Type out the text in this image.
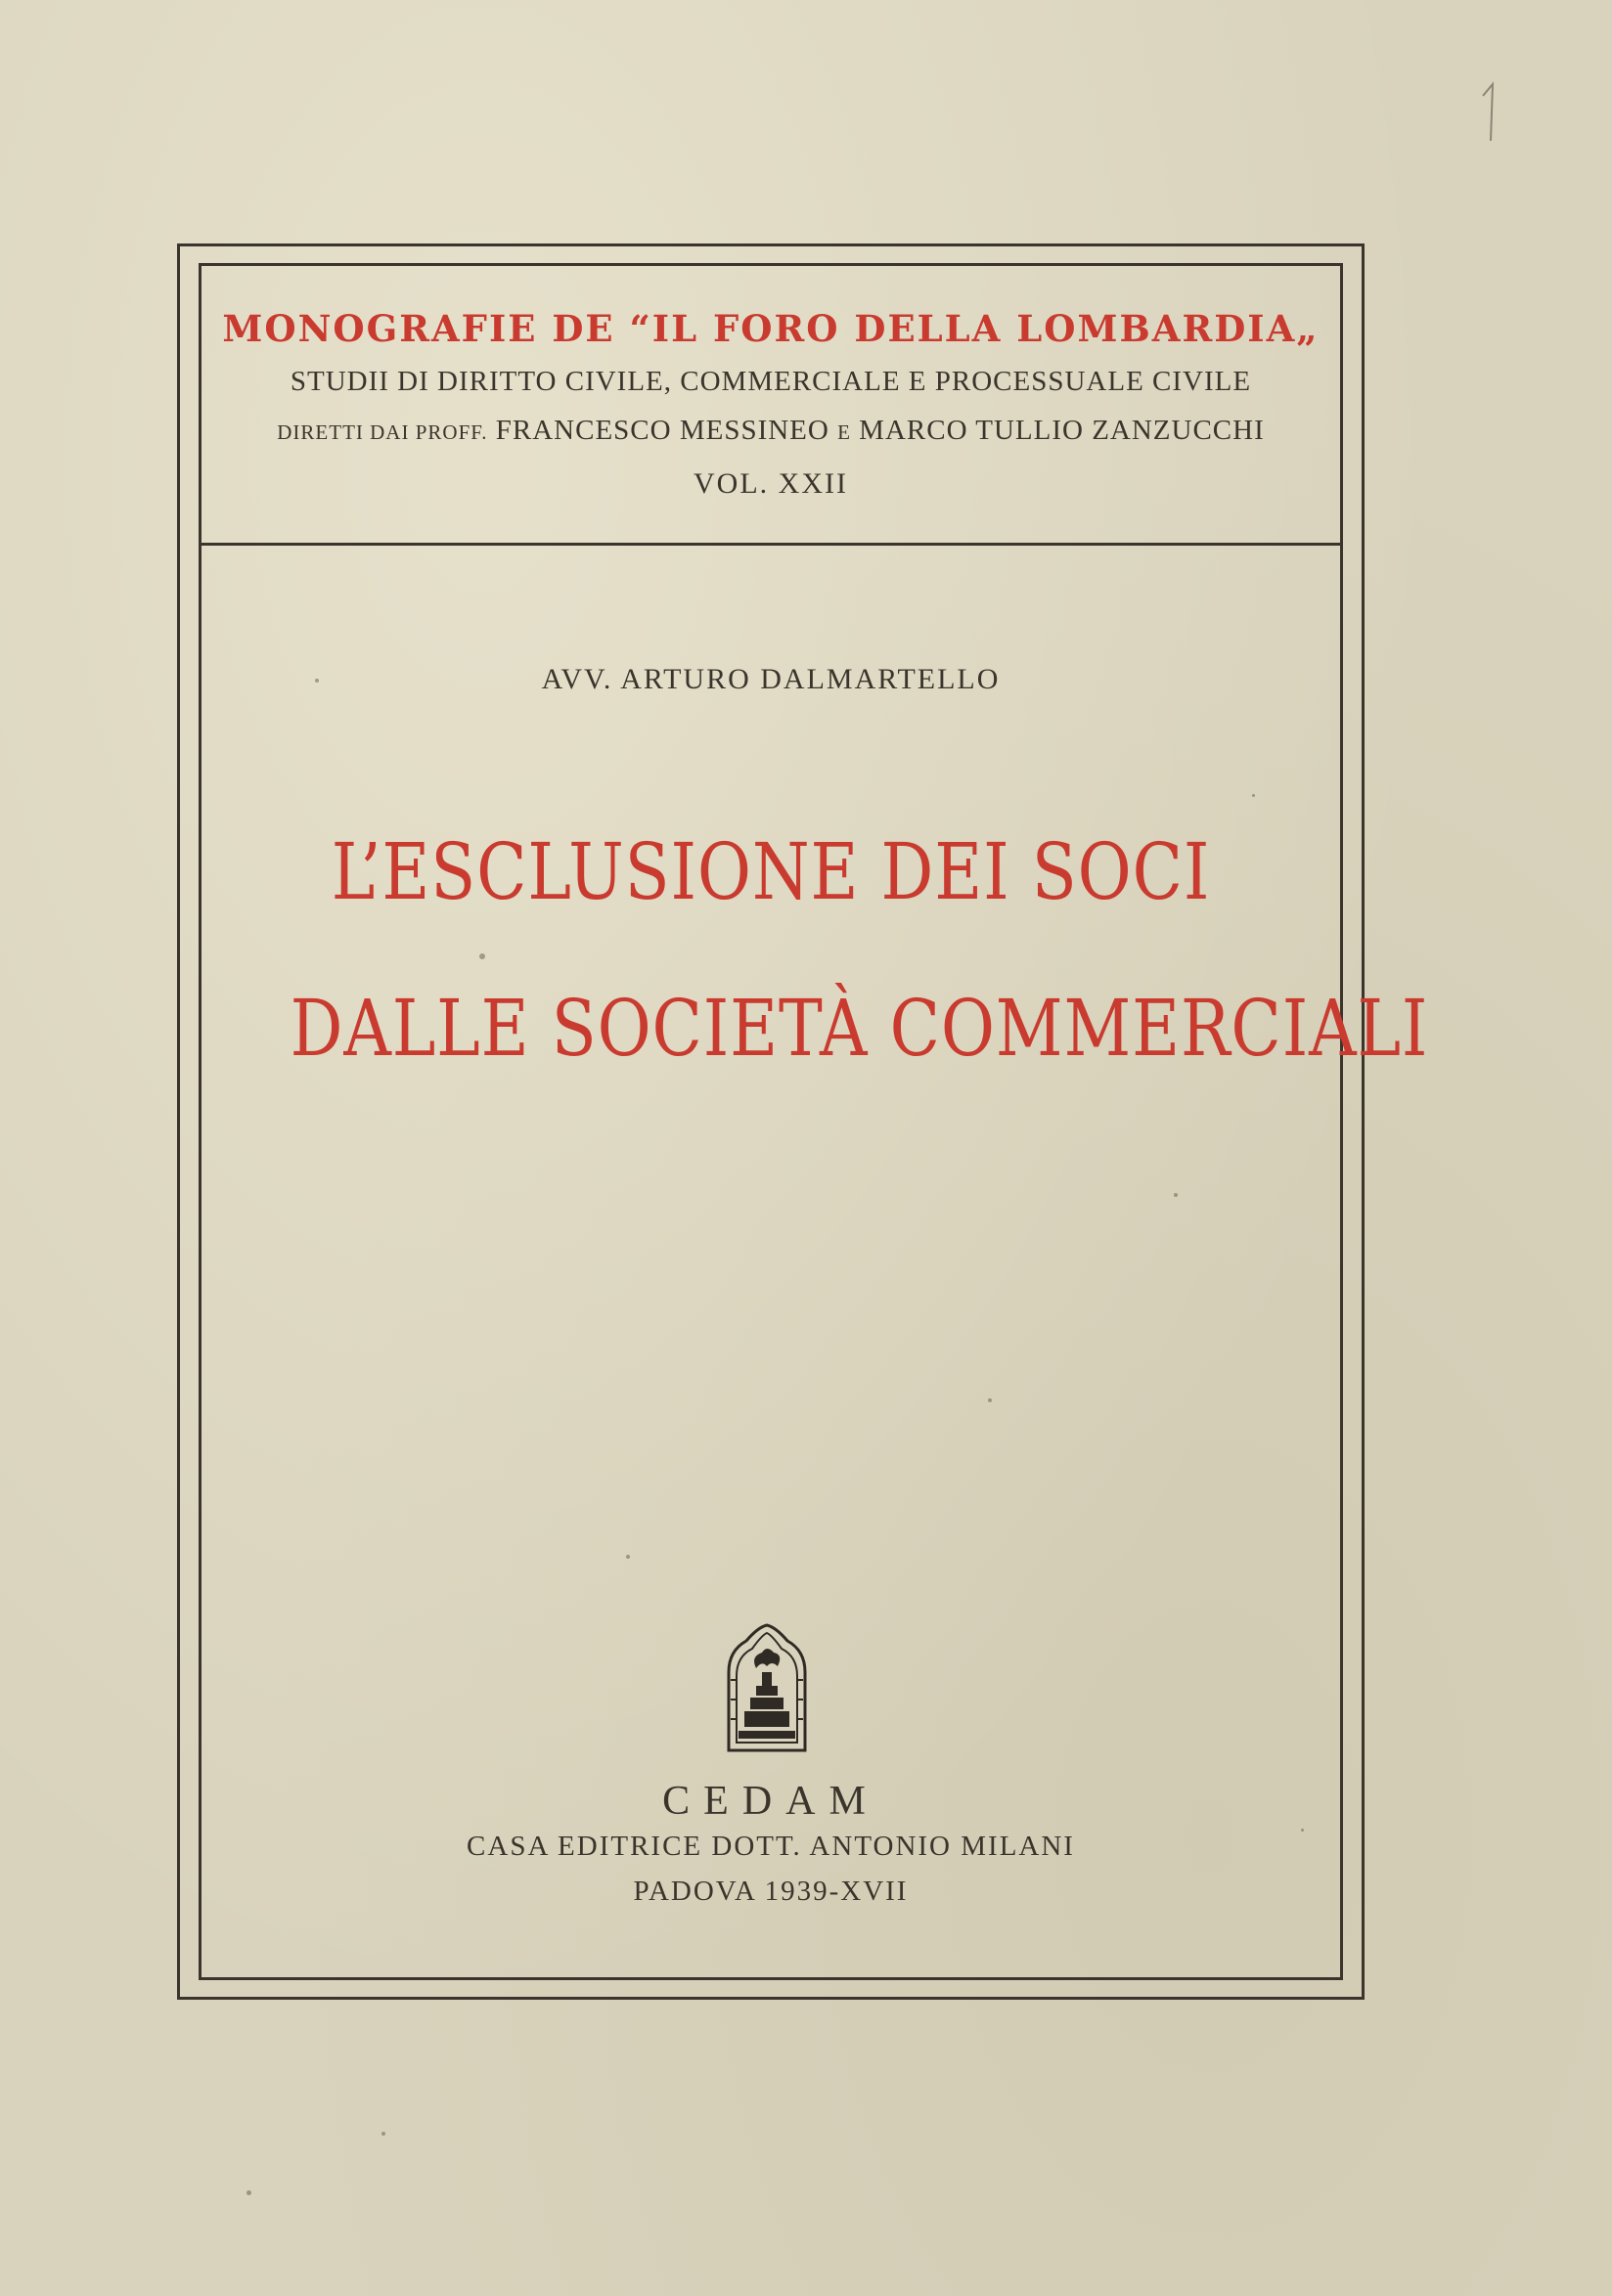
MONOGRAFIE DE “IL FORO DELLA LOMBARDIA„
STUDII DI DIRITTO CIVILE, COMMERCIALE E PROCESSUALE CIVILE
DIRETTI DAI PROFF. FRANCESCO MESSINEO E MARCO TULLIO ZANZUCCHI
VOL. XXII
AVV. ARTURO DALMARTELLO
L’ESCLUSIONE DEI SOCI
DALLE SOCIETÀ COMMERCIALI
CEDAM
CASA EDITRICE DOTT. ANTONIO MILANI
PADOVA 1939-XVII
